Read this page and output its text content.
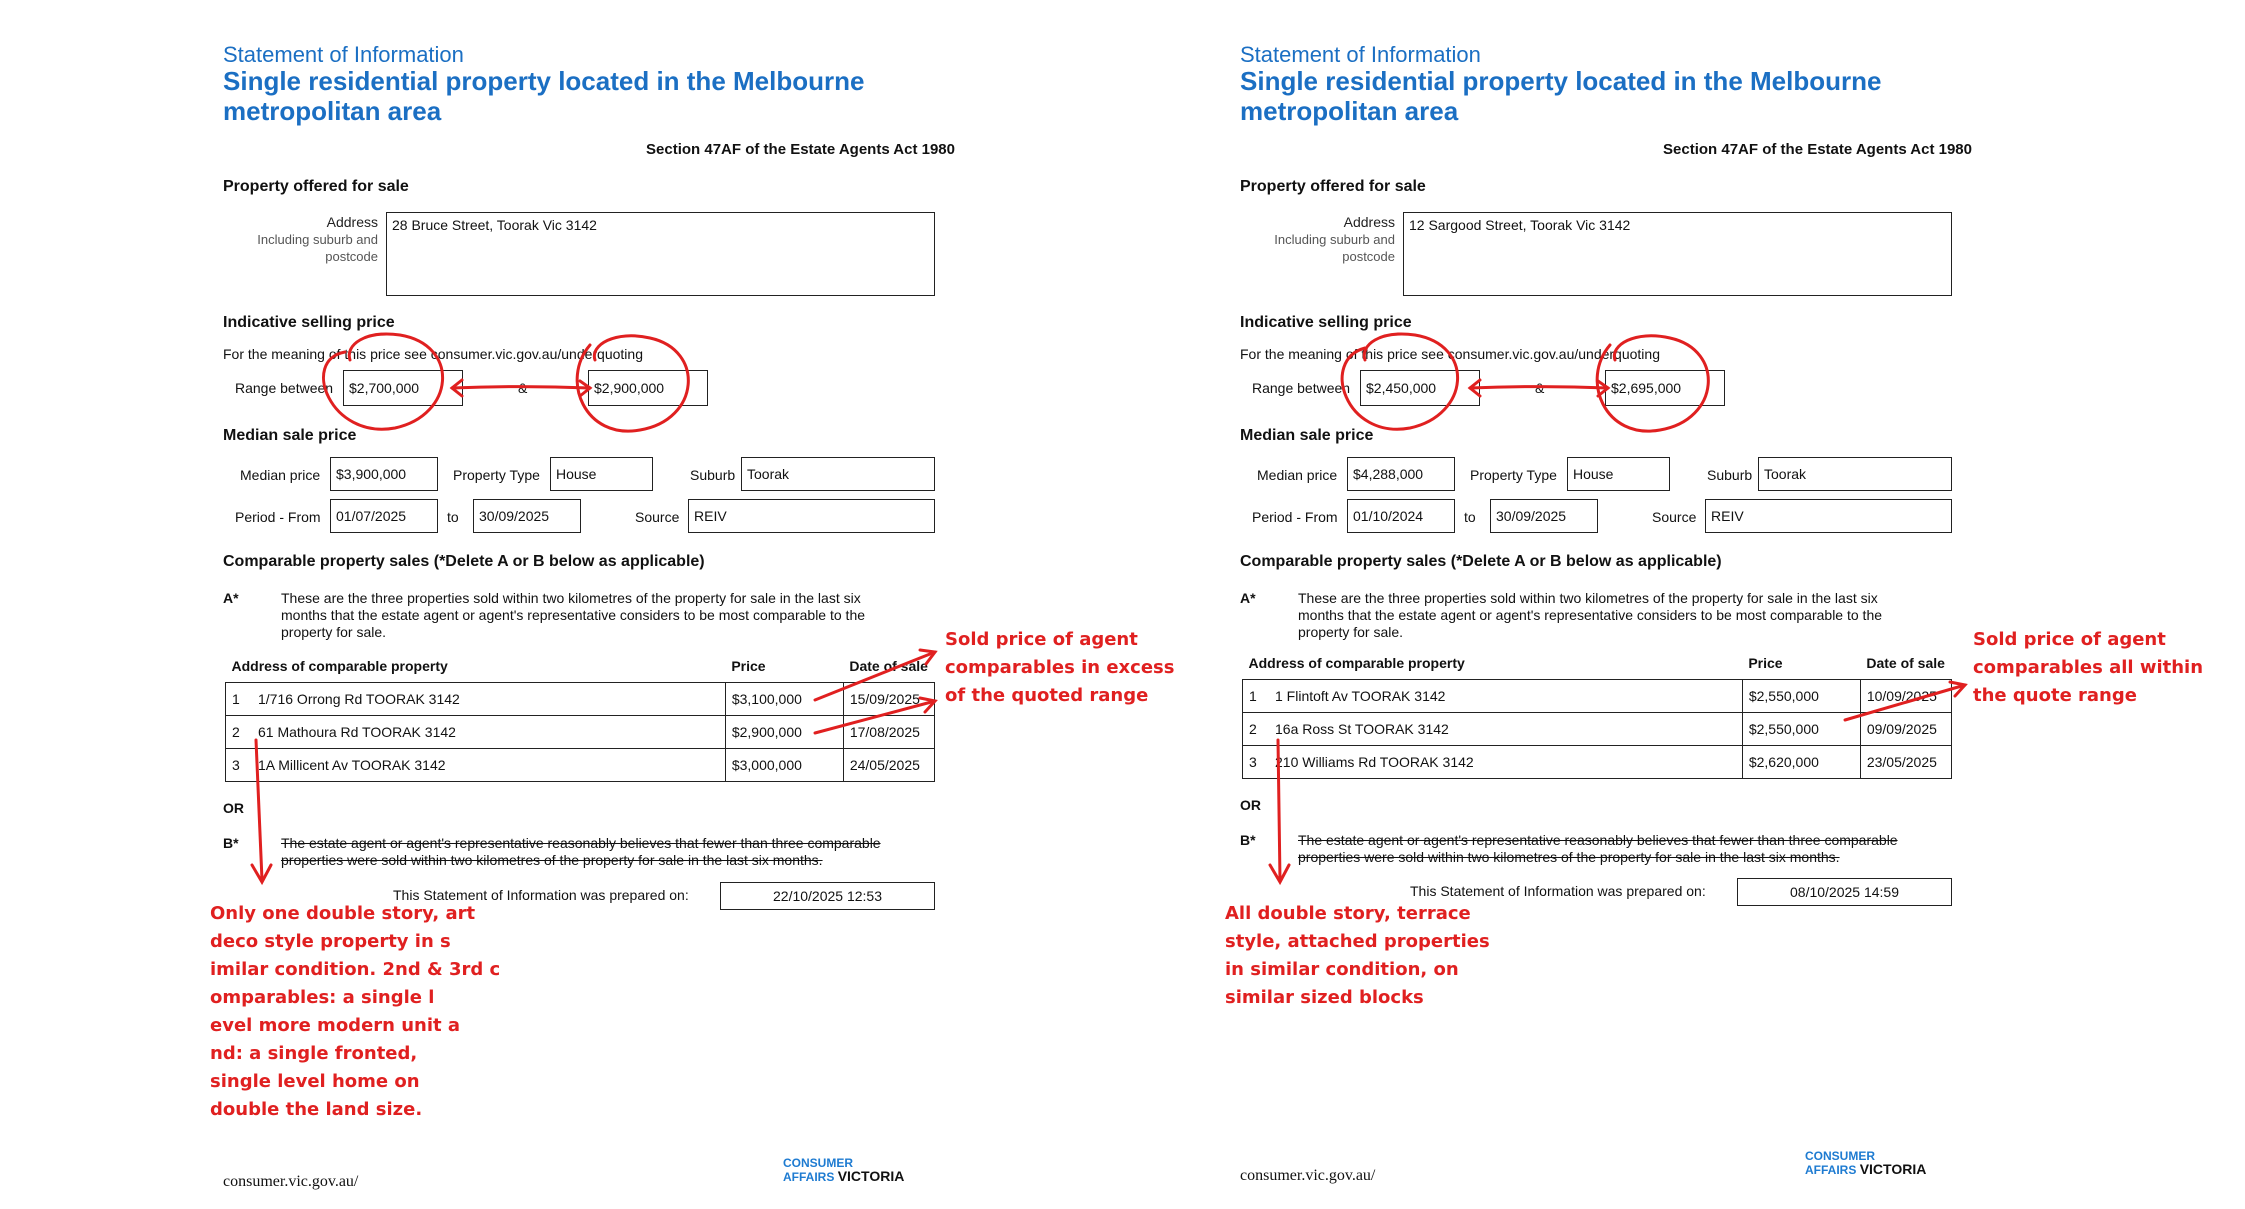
Statement of Information
Single residential property located in the Melbourne metropolitan area
Section 47AF of the Estate Agents Act 1980
Property offered for sale
Address
Including suburb and postcode
28 Bruce Street, Toorak Vic 3142
Indicative selling price
For the meaning of this price see consumer.vic.gov.au/underquoting
Range between	$2,700,000	&	$2,900,000
Median sale price
Median price	$3,900,000	Property Type	House	Suburb Toorak
Period - From	01/07/2025	to	30/09/2025	Source	REIV
Comparable property sales (*Delete A or B below as applicable)
A*	These are the three properties sold within two kilometres of the property for sale in the last six months that the estate agent or agent's representative considers to be most comparable to the property for sale.
Address of comparable property		Price	Date of sale
1	1/716 Orrong Rd TOORAK 3142	$3,100,000	15/09/2025
2	61 Mathoura Rd TOORAK 3142	$2,900,000	17/08/2025
3	1A Millicent Av TOORAK 3142	$3,000,000	24/05/2025
OR
B*	The estate agent or agent's representative reasonably believes that fewer than three comparable properties were sold within two kilometres of the property for sale in the last six months.
This Statement of Information was prepared on:	22/10/2025 12:53
consumer.vic.gov.au/
CONSUMER
AFFAIRS VICTORIA
Statement of Information
Single residential property located in the Melbourne metropolitan area
Section 47AF of the Estate Agents Act 1980
Property offered for sale
Address
Including suburb and postcode
12 Sargood Street, Toorak Vic 3142
Indicative selling price
For the meaning of this price see consumer.vic.gov.au/underquoting
Range between	$2,450,000	&	$2,695,000
Median sale price
Median price	$4,288,000	Property Type	House	Suburb Toorak
Period - From	01/10/2024	to	30/09/2025	Source	REIV
Comparable property sales (*Delete A or B below as applicable)
A*	These are the three properties sold within two kilometres of the property for sale in the last six months that the estate agent or agent's representative considers to be most comparable to the property for sale.
Address of comparable property		Price	Date of sale
1	1 Flintoft Av TOORAK 3142	$2,550,000	10/09/2025
2	16a Ross St TOORAK 3142	$2,550,000	09/09/2025
3	210 Williams Rd TOORAK 3142	$2,620,000	23/05/2025
OR
B*	The estate agent or agent's representative reasonably believes that fewer than three comparable properties were sold within two kilometres of the property for sale in the last six months.
This Statement of Information was prepared on:	08/10/2025 14:59
consumer.vic.gov.au/
CONSUMER
AFFAIRS VICTORIA
Sold price of agent
comparables in excess
of the quoted range
Only one double story, art
deco style property in s
imilar condition. 2nd & 3rd c
omparables: a single l
evel more modern unit a
nd: a single fronted,
single level home on
double the land size.
Sold price of agent
comparables all within
the quote range
All double story, terrace
style, attached properties
in similar condition, on
similar sized blocks
